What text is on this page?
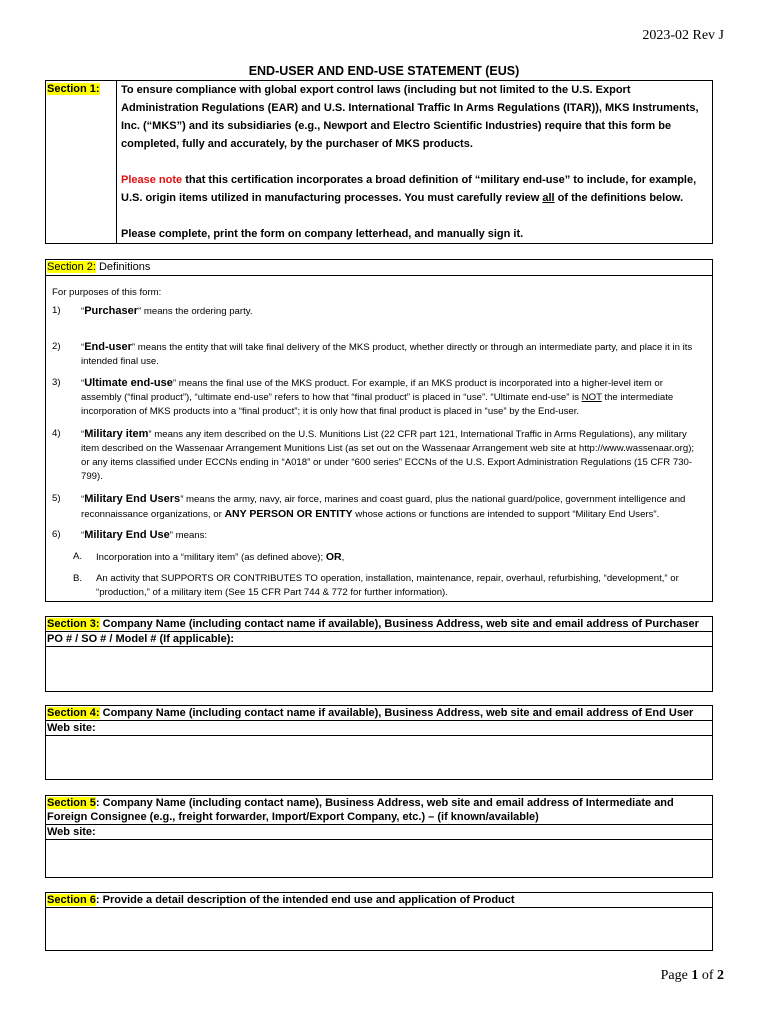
2023-02 Rev J
END-USER AND END-USE STATEMENT (EUS)
Section 1:	To ensure compliance with global export control laws (including but not limited to the U.S. Export Administration Regulations (EAR) and U.S. International Traffic In Arms Regulations (ITAR)), MKS Instruments, Inc. (“MKS”) and its subsidiaries (e.g., Newport and Electro Scientific Industries) require that this form be completed, fully and accurately, by the purchaser of MKS products.

Please note that this certification incorporates a broad definition of “military end-use” to include, for example, U.S. origin items utilized in manufacturing processes. You must carefully review all of the definitions below.

Please complete, print the form on company letterhead, and manually sign it.

Section 2: Definitions
For purposes of this form:
1) “Purchaser” means the ordering party.
2) “End-user” means the entity that will take final delivery of the MKS product, whether directly or through an intermediate party, and place it in its intended final use.
3) “Ultimate end-use” means the final use of the MKS product. For example, if an MKS product is incorporated into a higher-level item or assembly (“final product”), “ultimate end-use” refers to how that “final product” is placed in “use”. “Ultimate end-use” is NOT the intermediate incorporation of MKS products into a “final product”; it is only how that final product is placed in “use” by the End-user.
4) “Military item” means any item described on the U.S. Munitions List (22 CFR part 121, International Traffic in Arms Regulations), any military item described on the Wassenaar Arrangement Munitions List (as set out on the Wassenaar Arrangement web site at http://www.wassenaar.org); or any items classified under ECCNs ending in “A018” or under “600 series” ECCNs of the U.S. Export Administration Regulations (15 CFR 730-799).
5) “Military End Users” means the army, navy, air force, marines and coast guard, plus the national guard/police, government intelligence and reconnaissance organizations, or ANY PERSON OR ENTITY whose actions or functions are intended to support “Military End Users”.
6) “Military End Use” means:
A. Incorporation into a “military item” (as defined above); OR,
B. An activity that SUPPORTS OR CONTRIBUTES TO operation, installation, maintenance, repair, overhaul, refurbishing, “development,” or “production,” of a military item (See 15 CFR Part 744 & 772 for further information).
Section 3: Company Name (including contact name if available), Business Address, web site and email address of Purchaser
PO # / SO # / Model # (If applicable):
Section 4: Company Name (including contact name if available), Business Address, web site and email address of End User
Web site:
Section 5: Company Name (including contact name), Business Address, web site and email address of Intermediate and Foreign Consignee (e.g., freight forwarder, Import/Export Company, etc.) – (if known/available)
Web site:
Section 6: Provide a detail description of the intended end use and application of Product
Page 1 of 2
